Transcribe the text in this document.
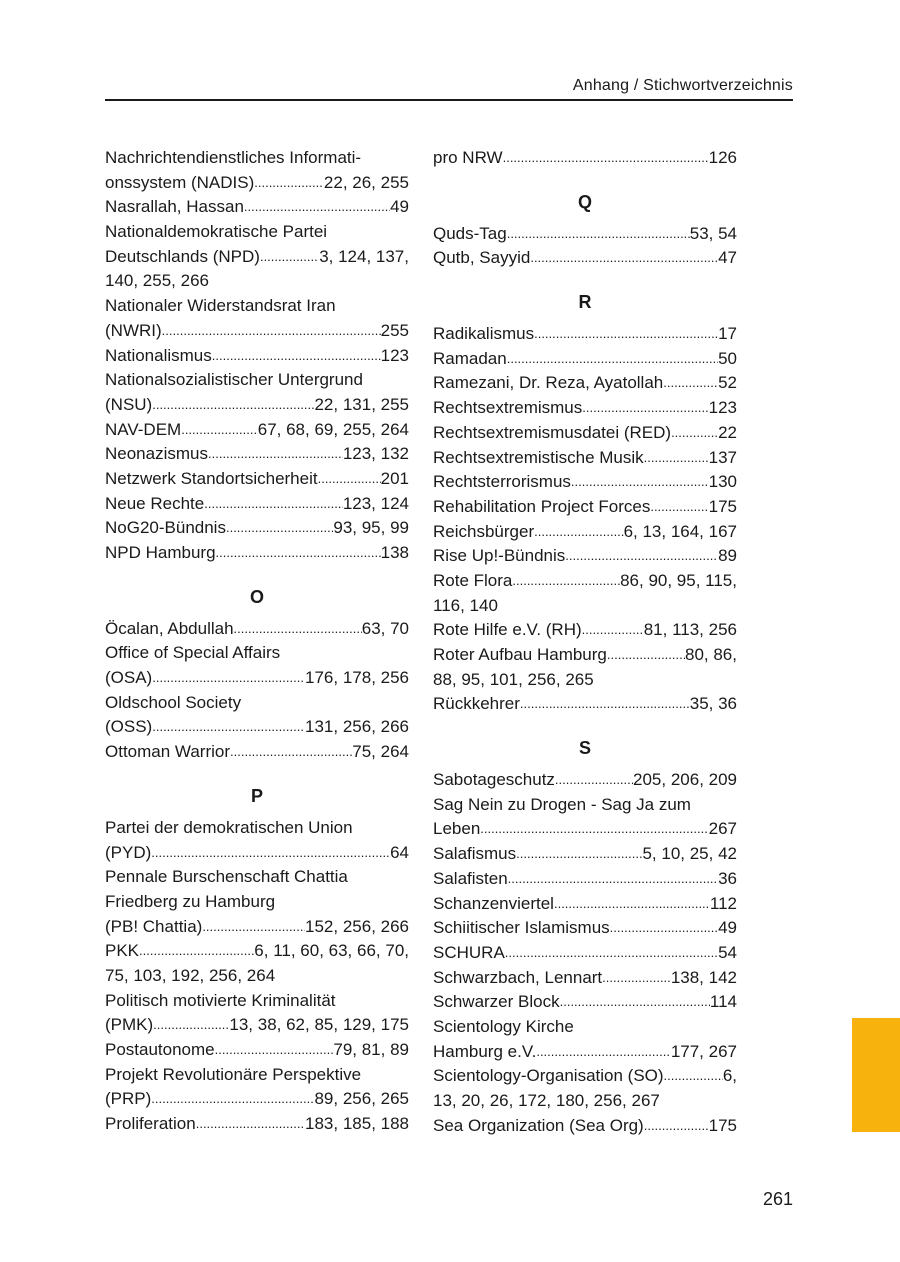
Anhang / Stichwortverzeichnis
Nachrichtendienstliches Informati-
onssystem (NADIS) .....	22, 26, 255
Nasrallah, Hassan .....	49
Nationaldemokratische Partei
Deutschlands (NPD) .....	3, 124, 137,
140, 255, 266
Nationaler Widerstandsrat Iran
(NWRI) .....	255
Nationalismus .....	123
Nationalsozialistischer Untergrund
(NSU) .....	22, 131, 255
NAV-DEM .....	67, 68, 69, 255, 264
Neonazismus .....	123, 132
Netzwerk Standortsicherheit .....	201
Neue Rechte .....	123, 124
NoG20-Bündnis .....	93, 95, 99
NPD Hamburg .....	138
O
Öcalan, Abdullah .....	63, 70
Office of Special Affairs
(OSA) .....	176, 178, 256
Oldschool Society
(OSS) .....	131, 256, 266
Ottoman Warrior .....	75, 264
P
Partei der demokratischen Union
(PYD) .....	64
Pennale Burschenschaft Chattia
Friedberg zu Hamburg
(PB! Chattia) .....	152, 256, 266
PKK .....	6, 11, 60, 63, 66, 70,
75, 103, 192, 256, 264
Politisch motivierte Kriminalität
(PMK) .....	13, 38, 62, 85, 129, 175
Postautonome .....	79, 81, 89
Projekt Revolutionäre Perspektive
(PRP) .....	89, 256, 265
Proliferation .....	183, 185, 188
pro NRW .....	126
Q
Quds-Tag .....	53, 54
Qutb, Sayyid .....	47
R
Radikalismus .....	17
Ramadan .....	50
Ramezani, Dr. Reza, Ayatollah .....	52
Rechtsextremismus .....	123
Rechtsextremismusdatei (RED) .....	22
Rechtsextremistische Musik .....	137
Rechtsterrorismus .....	130
Rehabilitation Project Forces .....	175
Reichsbürger .....	6, 13, 164, 167
Rise Up!-Bündnis .....	89
Rote Flora .....	86, 90, 95, 115,
116, 140
Rote Hilfe e.V. (RH) .....	81, 113, 256
Roter Aufbau Hamburg .....	80, 86,
88, 95, 101, 256, 265
Rückkehrer .....	35, 36
S
Sabotageschutz .....	205, 206, 209
Sag Nein zu Drogen - Sag Ja zum
Leben .....	267
Salafismus .....	5, 10, 25, 42
Salafisten .....	36
Schanzenviertel .....	112
Schiitischer Islamismus .....	49
SCHURA .....	54
Schwarzbach, Lennart .....	138, 142
Schwarzer Block .....	114
Scientology Kirche
Hamburg e.V. .....	177, 267
Scientology-Organisation (SO) .....	6,
13, 20, 26, 172, 180, 256, 267
Sea Organization (Sea Org) .....	175
261
